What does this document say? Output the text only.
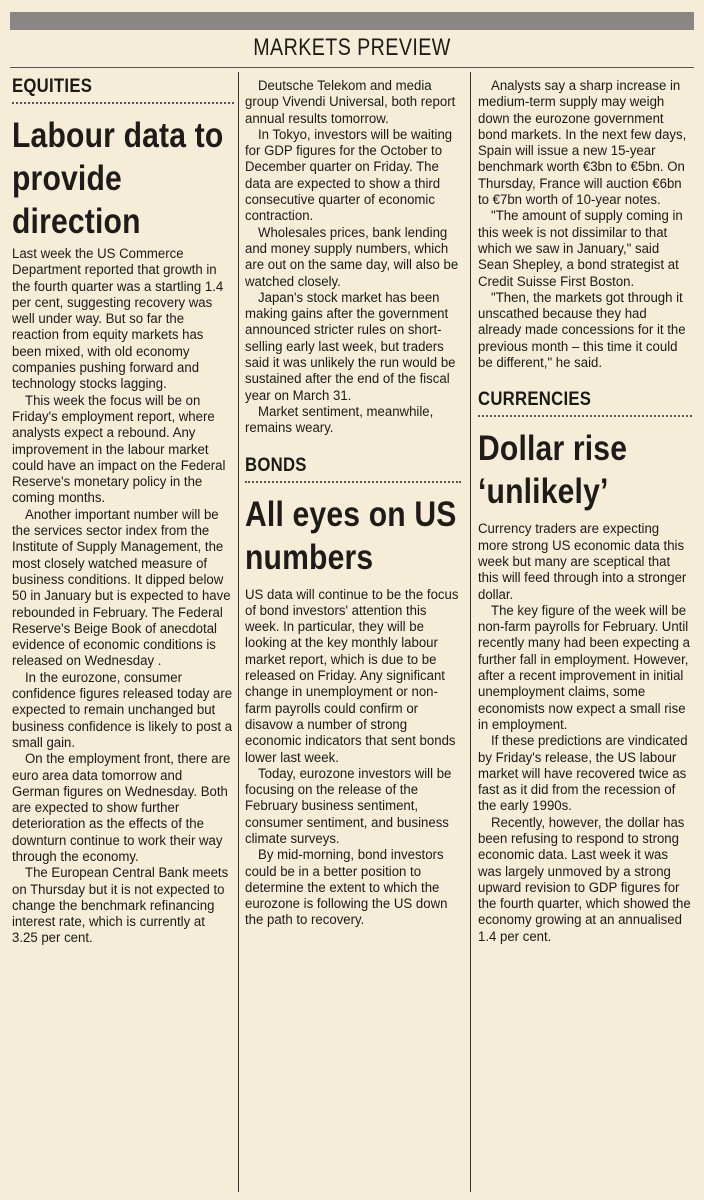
MARKETS PREVIEW
EQUITIES
Labour data to provide direction

Last week the US Commerce Department reported that growth in the fourth quarter was a startling 1.4 per cent, suggesting recovery was well under way. But so far the reaction from equity markets has been mixed, with old economy companies pushing forward and technology stocks lagging.

This week the focus will be on Friday's employment report, where analysts expect a rebound. Any improvement in the labour market could have an impact on the Federal Reserve's monetary policy in the coming months.

Another important number will be the services sector index from the Institute of Supply Management, the most closely watched measure of business conditions. It dipped below 50 in January but is expected to have rebounded in February. The Federal Reserve's Beige Book of anecdotal evidence of economic conditions is released on Wednesday .

In the eurozone, consumer confidence figures released today are expected to remain unchanged but business confidence is likely to post a small gain.

On the employment front, there are euro area data tomorrow and German figures on Wednesday. Both are expected to show further deterioration as the effects of the downturn continue to work their way through the economy.

The European Central Bank meets on Thursday but it is not expected to change the benchmark refinancing interest rate, which is currently at 3.25 per cent.

Deutsche Telekom and media group Vivendi Universal, both report annual results tomorrow.

In Tokyo, investors will be waiting for GDP figures for the October to December quarter on Friday. The data are expected to show a third consecutive quarter of economic contraction.

Wholesales prices, bank lending and money supply numbers, which are out on the same day, will also be watched closely.

Japan's stock market has been making gains after the government announced stricter rules on short-selling early last week, but traders said it was unlikely the run would be sustained after the end of the fiscal year on March 31.

Market sentiment, meanwhile, remains weary.

BONDS
All eyes on US numbers

US data will continue to be the focus of bond investors' attention this week. In particular, they will be looking at the key monthly labour market report, which is due to be released on Friday. Any significant change in unemployment or non-farm payrolls could confirm or disavow a number of strong economic indicators that sent bonds lower last week.

Today, eurozone investors will be focusing on the release of the February business sentiment, consumer sentiment, and business climate surveys.

By mid-morning, bond investors could be in a better position to determine the extent to which the eurozone is following the US down the path to recovery.

Analysts say a sharp increase in medium-term supply may weigh down the eurozone government bond markets. In the next few days, Spain will issue a new 15-year benchmark worth €3bn to €5bn. On Thursday, France will auction €6bn to €7bn worth of 10-year notes.

"The amount of supply coming in this week is not dissimilar to that which we saw in January," said Sean Shepley, a bond strategist at Credit Suisse First Boston.

"Then, the markets got through it unscathed because they had already made concessions for it the previous month – this time it could be different," he said.

CURRENCIES
Dollar rise ‘unlikely’

Currency traders are expecting more strong US economic data this week but many are sceptical that this will feed through into a stronger dollar.

The key figure of the week will be non-farm payrolls for February. Until recently many had been expecting a further fall in employment. However, after a recent improvement in initial unemployment claims, some economists now expect a small rise in employment.

If these predictions are vindicated by Friday's release, the US labour market will have recovered twice as fast as it did from the recession of the early 1990s.

Recently, however, the dollar has been refusing to respond to strong economic data. Last week it was was largely unmoved by a strong upward revision to GDP figures for the fourth quarter, which showed the economy growing at an annualised 1.4 per cent.
